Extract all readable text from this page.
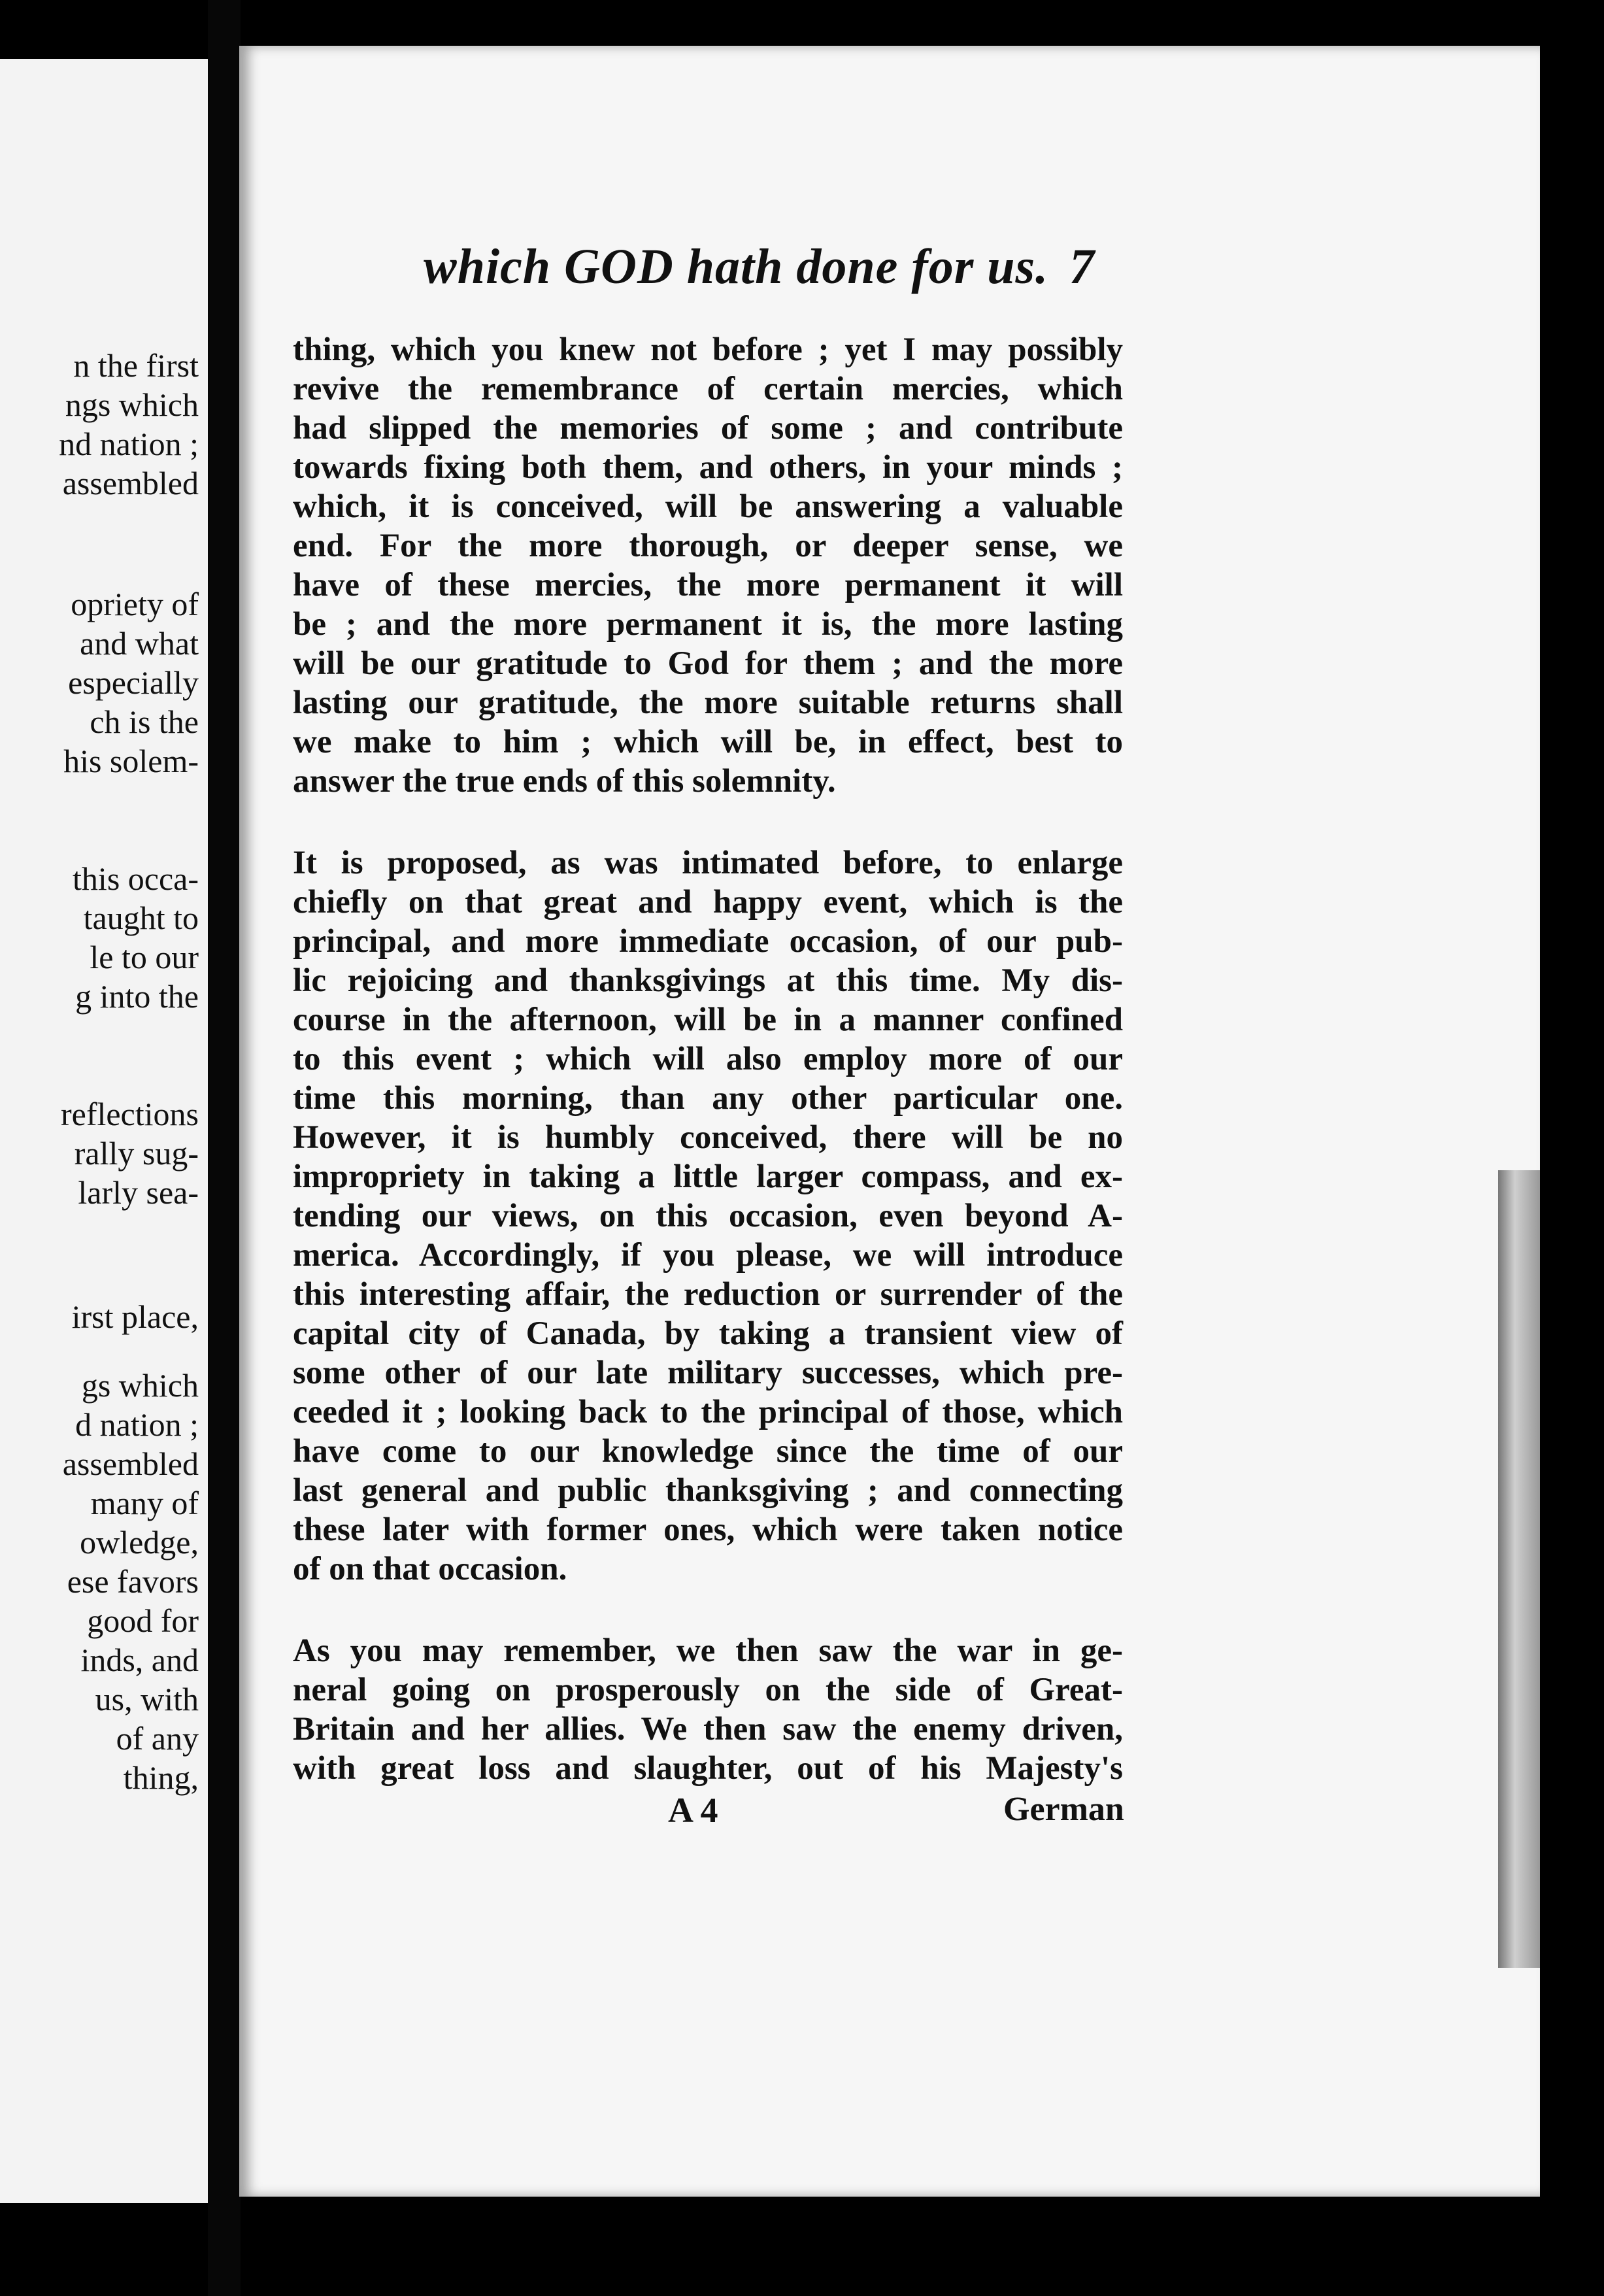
n the first
ngs which
nd nation ;
assembled
opriety of
and what
especially
ch is the
his solem-
this occa-
taught to
le to our
g into the
reflections
rally sug-
larly sea-
irst place,
gs which
d nation ;
assembled
many of
owledge,
ese favors
good for
inds, and
us, with
of any
thing,
which GOD hath done for us. 7
thing, which you knew not before ; yet I may possibly
revive the remembrance of certain mercies, which
had slipped the memories of some ; and contribute
towards fixing both them, and others, in your minds ;
which, it is conceived, will be answering a valuable
end. For the more thorough, or deeper sense, we
have of these mercies, the more permanent it will
be ; and the more permanent it is, the more lasting
will be our gratitude to God for them ; and the more
lasting our gratitude, the more suitable returns shall
we make to him ; which will be, in effect, best to
answer the true ends of this solemnity.
It is proposed, as was intimated before, to enlarge
chiefly on that great and happy event, which is the
principal, and more immediate occasion, of our pub-
lic rejoicing and thanksgivings at this time. My dis-
course in the afternoon, will be in a manner confined
to this event ; which will also employ more of our
time this morning, than any other particular one.
However, it is humbly conceived, there will be no
impropriety in taking a little larger compass, and ex-
tending our views, on this occasion, even beyond A-
merica. Accordingly, if you please, we will introduce
this interesting affair, the reduction or surrender of the
capital city of Canada, by taking a transient view of
some other of our late military successes, which pre-
ceeded it ; looking back to the principal of those, which
have come to our knowledge since the time of our
last general and public thanksgiving ; and connecting
these later with former ones, which were taken notice
of on that occasion.
As you may remember, we then saw the war in ge-
neral going on prosperously on the side of Great-
Britain and her allies. We then saw the enemy driven,
with great loss and slaughter, out of his Majesty's
A 4	German
